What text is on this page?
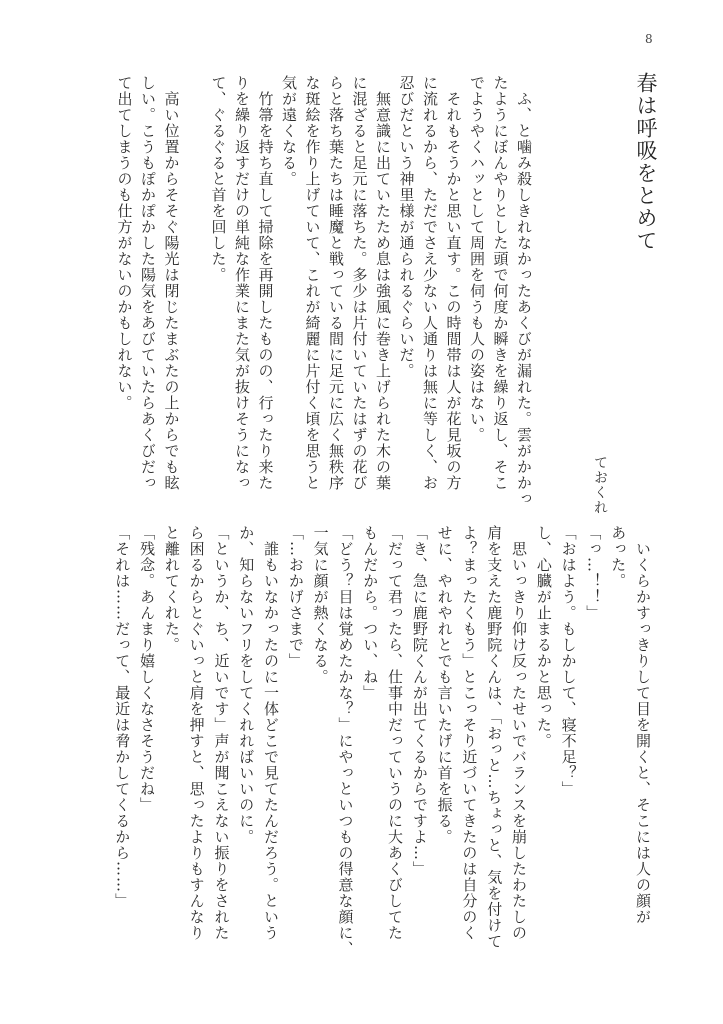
8
春は呼吸をとめて
ておくれ
　ふ、と噛み殺しきれなかったあくびが漏れた。雲がかかっ
たようにぼんやりとした頭で何度か瞬きを繰り返し、そこ
でようやくハッとして周囲を伺うも人の姿はない。
　それもそうかと思い直す。この時間帯は人が花見坂の方
に流れるから、ただでさえ少ない人通りは無に等しく、お
忍びだという神里様が通られるぐらいだ。
　無意識に出ていたため息は強風に巻き上げられた木の葉
に混ざると足元に落ちた。多少は片付いていたはずの花び
らと落ち葉たちは睡魔と戦っている間に足元に広く無秩序
な斑絵を作り上げていて、これが綺麗に片付く頃を思うと
気が遠くなる。
　竹箒を持ち直して掃除を再開したものの、行ったり来た
りを繰り返すだけの単純な作業にまた気が抜けそうになっ
て、ぐるぐると首を回した。
　高い位置からそそぐ陽光は閉じたまぶたの上からでも眩
しい。こうもぽかぽかした陽気をあびていたらあくびだっ
て出てしまうのも仕方がないのかもしれない。
　いくらかすっきりして目を開くと、そこには人の顔が
あった。
「っ…！！」
「おはよう。もしかして、寝不足？」
し、心臓が止まるかと思った。
　思いっきり仰け反ったせいでバランスを崩したわたしの
肩を支えた鹿野院くんは、「おっと…ちょっと、気を付けて
よ？まったくもう」とこっそり近づいてきたのは自分のく
せに、やれやれとでも言いたげに首を振る。
「き、急に鹿野院くんが出てくるからですよ…」
「だって君ったら、仕事中だっていうのに大あくびしてた
もんだから。つい、ね」
「どう？目は覚めたかな？」にやっといつもの得意な顔に、
一気に顔が熱くなる。
「…おかげさまで」
　誰もいなかったのに一体どこで見てたんだろう。という
か、知らないフリをしてくれればいいのに。
「というか、ち、近いです」声が聞こえない振りをされた
ら困るからとぐいっと肩を押すと、思ったよりもすんなり
と離れてくれた。
「残念。あんまり嬉しくなさそうだね」
「それは……だって、最近は脅かしてくるから……」
